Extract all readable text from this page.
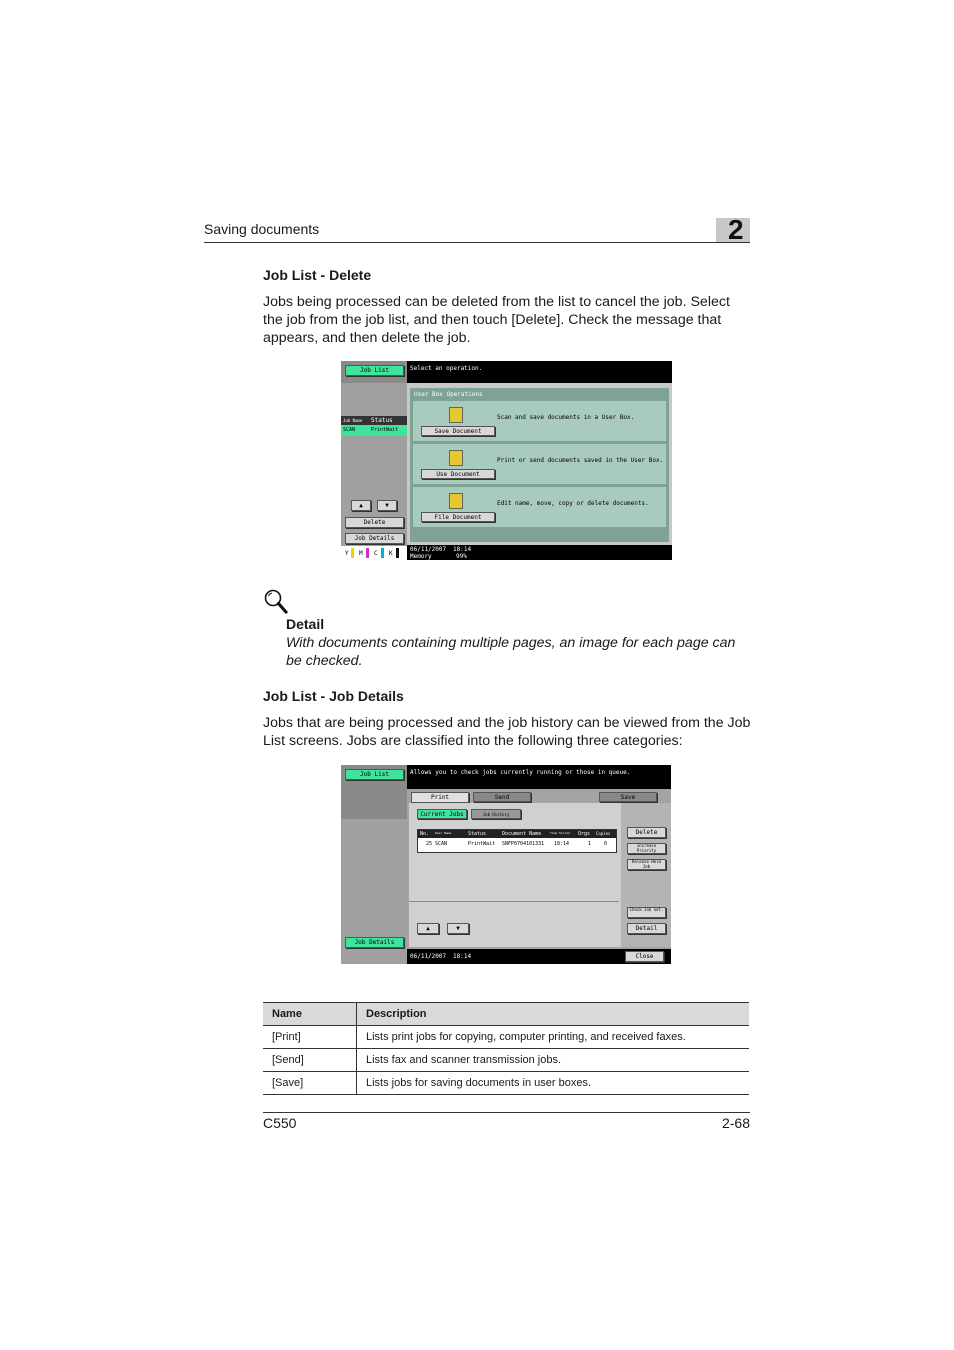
Saving documents	2
Job List - Delete
Jobs being processed can be deleted from the list to cancel the job. Select the job from the job list, and then touch [Delete]. Check the message that appears, and then delete the job.
Job List
Job Name Status
SCAN	PrintWait
▲	▼
Delete
Job Details
Y M C K
Select an operation.
User Box Operations
Save Document
Scan and save documents in a User Box.
Use Document
Print or send documents saved in the User Box.
File Document
Edit name, move, copy or delete documents.
06/11/2007 18:14
Memory	99%
Detail
With documents containing multiple pages, an image for each page can be checked.
Job List - Job Details
Jobs that are being processed and the job history can be viewed from the Job List screens. Jobs are classified into the following three categories:
Job List
Job Details
Allows you to check jobs currently running or those in queue.
Print	Send	Save
Current Jobs	Job History
No. User Name	Status	Document Name	Time Stored Orgs Copies
25 SCAN	PrintWait SNFP0704101331 18:14	1	0
▲	▼
Delete
Increase Priority
Release Held Job
Check Job Set.
Detail
06/11/2007 18:14	Close
Name	Description
[Print]	Lists print jobs for copying, computer printing, and received faxes.
[Send]	Lists fax and scanner transmission jobs.
[Save]	Lists jobs for saving documents in user boxes.
C550	2-68
